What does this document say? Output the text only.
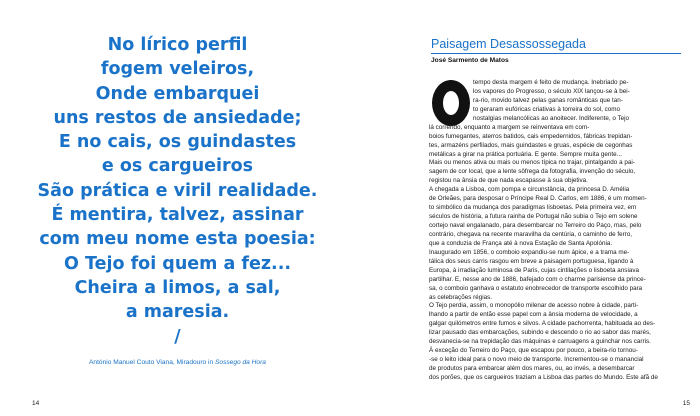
No lírico perfil
fogem veleiros,
Onde embarquei
uns restos de ansiedade;
E no cais, os guindastes
e os cargueiros
São prática e viril realidade.
É mentira, talvez, assinar
com meu nome esta poesia:
O Tejo foi quem a fez...
Cheira a limos, a sal,
a maresia.
/
António Manuel Couto Viana, Miradouro in Sossego da Hora
14
Paisagem Desassossegada
José Sarmento de Matos
tempo desta margem é feito de mudança. Inebriado pe-
los vapores do Progresso, o século XIX lançou-se à bei-
ra-rio, movido talvez pelas ganas românticas que tan-
to geraram eufóricas criativas à torreira do sol, como
nostalgias melancólicas ao anoitecer. Indiferente, o Tejo
lá correndo, enquanto a margem se reinventava em com-
boios fumegantes, aterros batidos, cais empedernidos, fábricas trepidan-
tes, armazéns perfilados, mais guindastes e gruas, espécie de cegonhas
metálicas a girar na prática portuária. E gente. Sempre muita gente...
Mais ou menos ativa ou mais ou menos típica no trajar, pintalgando a pai-
sagem de cor local, que a lente sôfrega da fotografia, invenção do século,
registou na ânsia de que nada escapasse à sua objetiva.
A chegada a Lisboa, com pompa e circunstância, da princesa D. Amélia
de Orleães, para desposar o Príncipe Real D. Carlos, em 1886, é um momen-
to simbólico da mudança dos paradigmas lisboetas. Pela primeira vez, em
séculos de história, a futura rainha de Portugal não subia o Tejo em solene
cortejo naval engalanado, para desembarcar no Terreiro do Paço, mas, pelo
contrário, chegava na recente maravilha da centúria, o caminho de ferro,
que a conduzia de França até à nova Estação de Santa Apolónia.
Inaugurado em 1856, o comboio expandiu-se num ápice, e a trama me-
tálica dos seus carris rasgou em breve a paisagem portuguesa, ligando à
Europa, à irradiação luminosa de Paris, cujas cintilações o lisboeta ansiava
partilhar. E, nesse ano de 1886, bafejado com o charme parisiense da prince-
sa, o comboio ganhava o estatuto enobrecedor de transporte escolhido para
as celebrações régias.
O Tejo perdia, assim, o monopólio milenar de acesso nobre à cidade, parti-
lhando a partir de então esse papel com a ânsia moderna de velocidade, a
galgar quilómetros entre fumos e silvos. A cidade pachorrenta, habituada ao des-
lizar pausado das embarcações, subindo e descendo o rio ao sabor das marés,
desvanecia-se na trepidação das máquinas e carruagens a guinchar nos carris.
À exceção do Terreiro do Paço, que escapou por pouco, a beira-rio tornou-
-se o leito ideal para o novo meio de transporte. Incrementou-se o manancial
de produtos para embarcar além dos mares, ou, ao invés, a desembarcar
dos porões, que os cargueiros traziam a Lisboa das partes do Mundo. Este afã de
15
